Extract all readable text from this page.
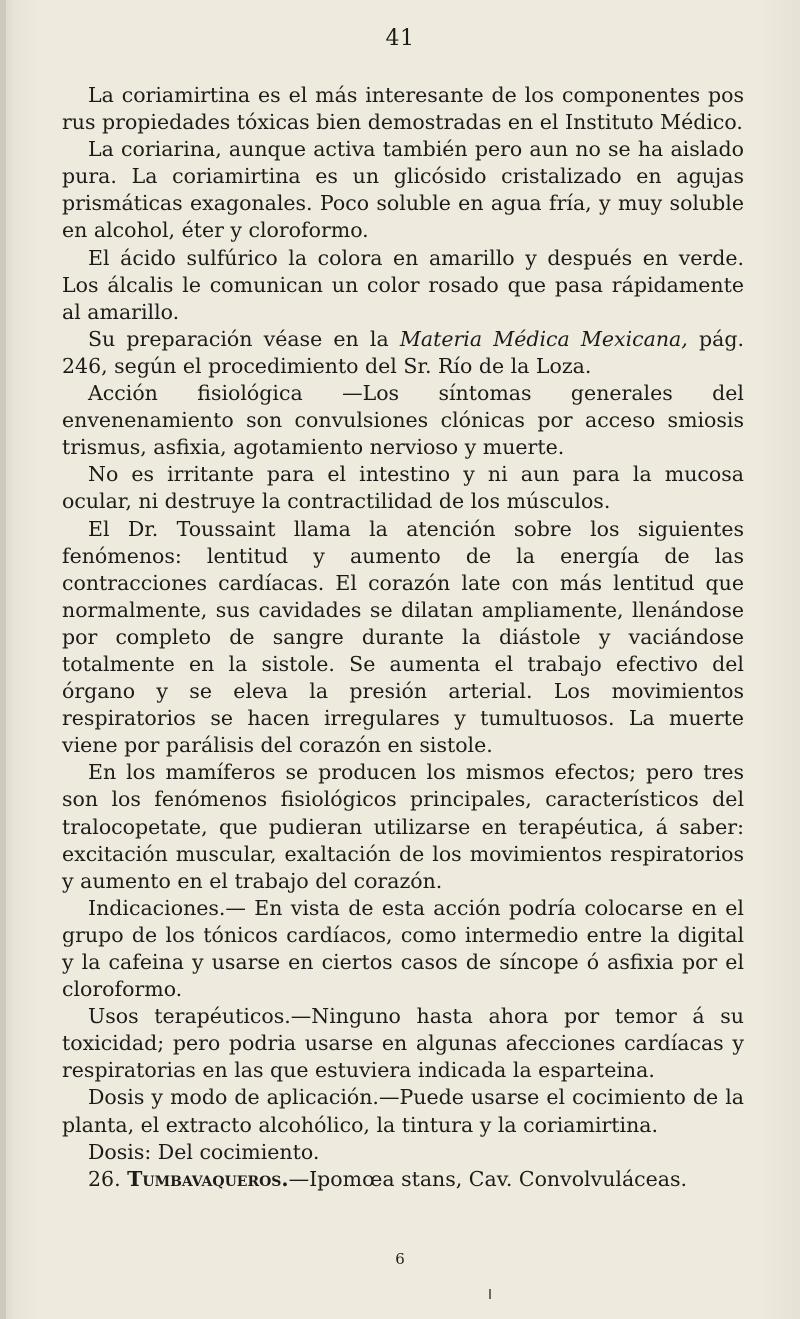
41

La coriamirtina es el más interesante de los componentes pos rus propiedades tóxicas bien demostradas en el Instituto Médico.

La coriarina, aunque activa también pero aun no se ha aislado pura. La coriamirtina es un glicósido cristalizado en agujas prismáticas exagonales. Poco soluble en agua fría, y muy soluble en alcohol, éter y cloroformo.

El ácido sulfúrico la colora en amarillo y después en verde. Los álcalis le comunican un color rosado que pasa rápidamente al amarillo.

Su preparación véase en la Materia Médica Mexicana, pág. 246, según el procedimiento del Sr. Río de la Loza.

Acción fisiológica —Los síntomas generales del envenenamiento son convulsiones clónicas por acceso smiosis trismus, asfixia, agotamiento nervioso y muerte.

No es irritante para el intestino y ni aun para la mucosa ocular, ni destruye la contractilidad de los músculos.

El Dr. Toussaint llama la atención sobre los siguientes fenómenos: lentitud y aumento de la energía de las contracciones cardíacas. El corazón late con más lentitud que normalmente, sus cavidades se dilatan ampliamente, llenándose por completo de sangre durante la diástole y vaciándose totalmente en la sistole. Se aumenta el trabajo efectivo del órgano y se eleva la presión arterial. Los movimientos respiratorios se hacen irregulares y tumultuosos. La muerte viene por parálisis del corazón en sistole.

En los mamíferos se producen los mismos efectos; pero tres son los fenómenos fisiológicos principales, característicos del tralocopetate, que pudieran utilizarse en terapéutica, á saber: excitación muscular, exaltación de los movimientos respiratorios y aumento en el trabajo del corazón.

Indicaciones.— En vista de esta acción podría colocarse en el grupo de los tónicos cardíacos, como intermedio entre la digital y la cafeina y usarse en ciertos casos de síncope ó asfixia por el cloroformo.

Usos terapéuticos.—Ninguno hasta ahora por temor á su toxicidad; pero podria usarse en algunas afecciones cardíacas y respiratorias en las que estuviera indicada la esparteina.

Dosis y modo de aplicación.—Puede usarse el cocimiento de la planta, el extracto alcohólico, la tintura y la coriamirtina.

Dosis: Del cocimiento.

26. Tumbavaqueros.—Ipomœa stans, Cav. Convolvuláceas.

6
